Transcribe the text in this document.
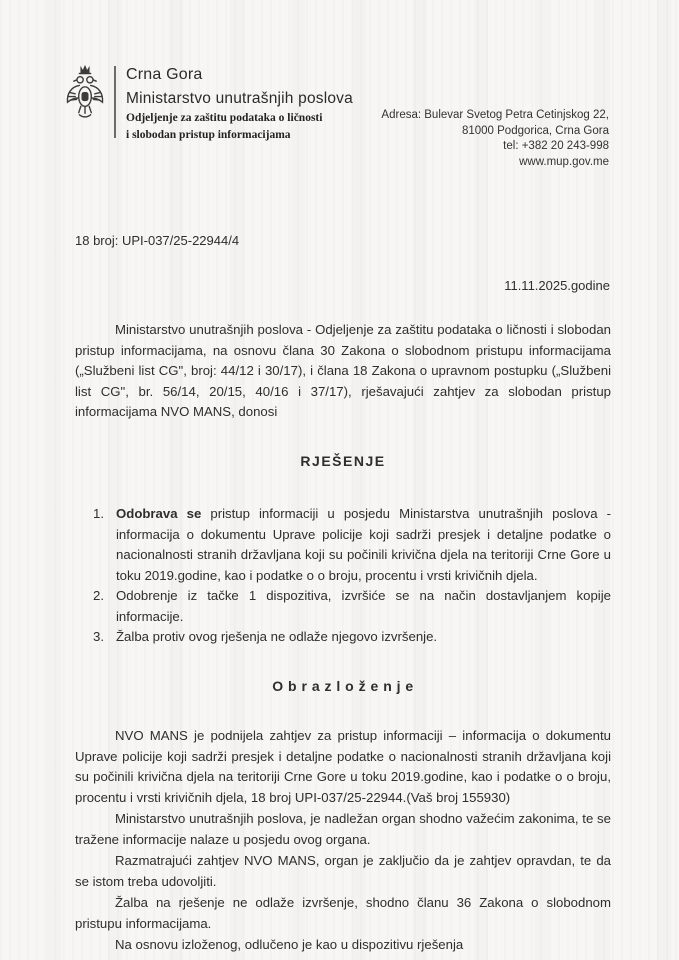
Crna Gora
Ministarstvo unutrašnjih poslova
Odjeljenje za zaštitu podataka o ličnosti
i slobodan pristup informacijama
Adresa: Bulevar Svetog Petra Cetinjskog 22,
81000 Podgorica, Crna Gora
tel: +382 20 243-998
www.mup.gov.me
18 broj: UPI-037/25-22944/4
11.11.2025.godine

Ministarstvo unutrašnjih poslova - Odjeljenje za zaštitu podataka o ličnosti i slobodan pristup informacijama, na osnovu člana 30 Zakona o slobodnom pristupu informacijama („Službeni list CG", broj: 44/12 i 30/17), i člana 18 Zakona o upravnom postupku („Službeni list CG", br. 56/14, 20/15, 40/16 i 37/17), rješavajući zahtjev za slobodan pristup informacijama NVO MANS, donosi

RJEŠENJE

1. Odobrava se pristup informaciji u posjedu Ministarstva unutrašnjih poslova - informacija o dokumentu Uprave policije koji sadrži presjek i detaljne podatke o nacionalnosti stranih državljana koji su počinili krivična djela na teritoriji Crne Gore u toku 2019.godine, kao i podatke o o broju, procentu i vrsti krivičnih djela.
2. Odobrenje iz tačke 1 dispozitiva, izvršiće se na način dostavljanjem kopije informacije.
3. Žalba protiv ovog rješenja ne odlaže njegovo izvršenje.

O b r a z l o ž e n j e

NVO MANS je podnijela zahtjev za pristup informaciji – informacija o dokumentu Uprave policije koji sadrži presjek i detaljne podatke o nacionalnosti stranih državljana koji su počinili krivična djela na teritoriji Crne Gore u toku 2019.godine, kao i podatke o o broju, procentu i vrsti krivičnih djela, 18 broj UPI-037/25-22944.(Vaš broj 155930)

Ministarstvo unutrašnjih poslova, je nadležan organ shodno važećim zakonima, te se tražene informacije nalaze u posjedu ovog organa.

Razmatrajući zahtjev NVO MANS, organ je zaključio da je zahtjev opravdan, te da se istom treba udovoljiti.

Žalba na rješenje ne odlaže izvršenje, shodno članu 36 Zakona o slobodnom pristupu informacijama.

Na osnovu izloženog, odlučeno je kao u dispozitivu rješenja
